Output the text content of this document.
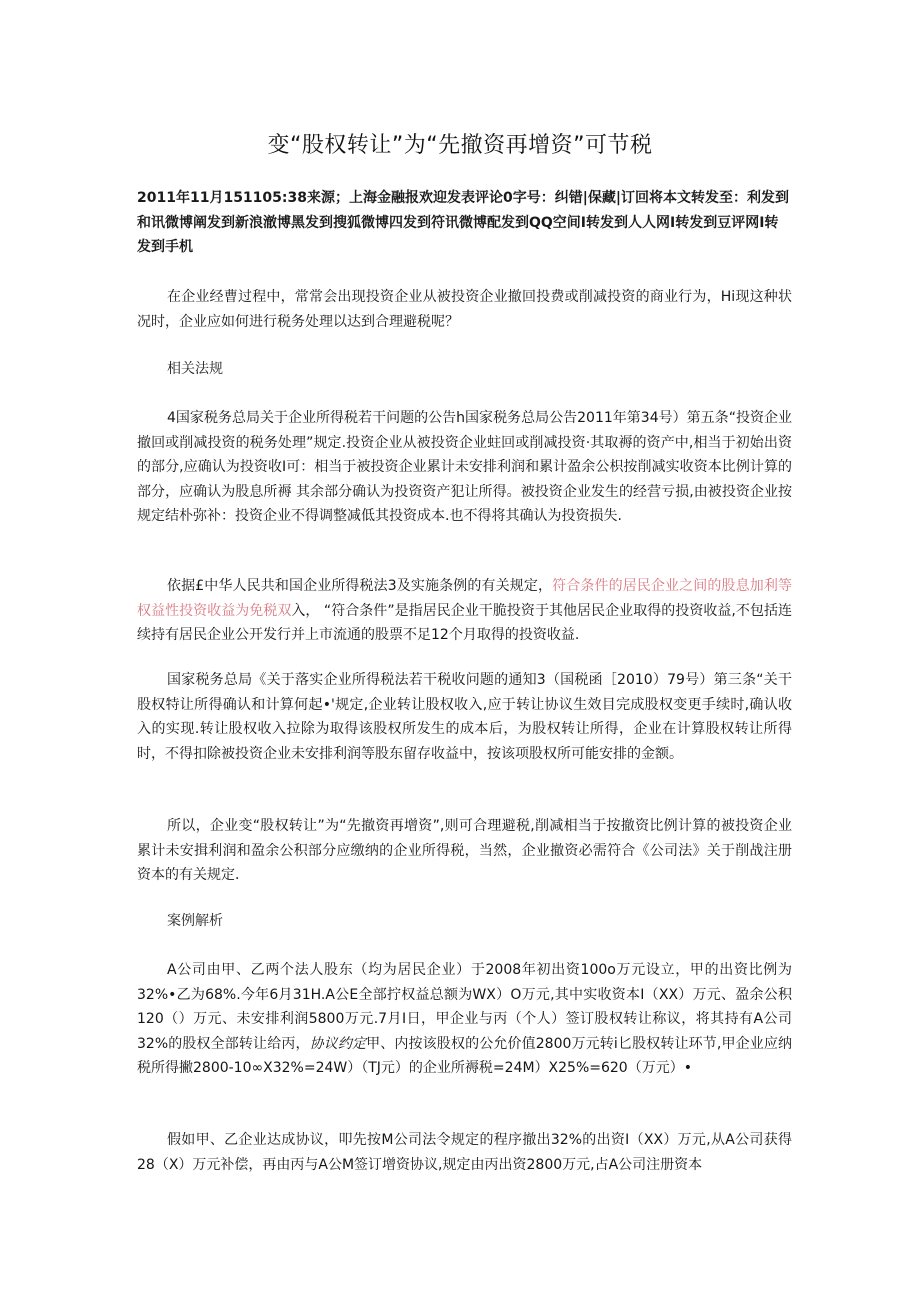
变“股权转让”为“先撤资再增资”可节税
2011年11月151105:38来源；上海金融报欢迎发表评论0字号：纠错|保藏|订回将本文转发至：利发到和讯微博阐发到新浪澈博黑发到搜狐微博四发到符讯微博配发到QQ空间I转发到人人网I转发到豆评网I转发到手机

在企业经曹过程中，常常会出现投资企业从被投资企业撤回投费或削减投资的商业行为，Hi现这种状况时，企业应如何进行税务处理以达到合理避税呢？

相关法规

4国家税务总局关于企业所得税若干问题的公告h国家税务总局公告2011年第34号）第五条“投资企业撤回或削减投资的税务处理”规定.投资企业从被投资企业蛀回或削减投资·其取褥的资产中,相当于初始出资的部分,应确认为投资收I可：相当于被投资企业累计未安排利润和累计盈余公枳按削减实收资本比例计算的部分，应确认为股息所褥 其余部分确认为投资资产犯让所得。被投资企业发生的经营亏损,由被投资企业按规定结朴弥补：投资企业不得调整减低其投资成本.也不得将其确认为投资损失.

依据£中华人民共和国企业所得税法3及实施条例的有关规定，符合条件的居民企业之间的股息加利等权益性投资收益为免税双入， “符合条件”是指居民企业干脆投资于其他居民企业取得的投资收益,不包括连续持有居民企业公开发行并上市流通的股票不足12个月取得的投资收益.

国家税务总局《关于落实企业所得税法若干税收问题的通知3（国税函［2010）79号）第三条“关干股权特让所得确认和计算何起•'规定,企业转让股权收入,应于转让协议生效目完成股权变更手续时,确认收入的实现.转让股权收入拉除为取得该股权所发生的成本后，为股权转让所得，企业在计算股权转让所得时，不得扣除被投资企业未安排利润等股东留存收益中，按该项股权所可能安排的金额。

所以，企业变“股权转让”为“先撤资再增资”,则可合理避税,削减相当于按撤资比例计算的被投资企业累计未安揖利润和盈余公积部分应缴纳的企业所得税，当然，企业撤资必需符合《公司法》关于削战注册资本的有关规定.

案例解析

A公司由甲、乙两个法人股东（均为居民企业）于2008年初出资100o万元设立，甲的出资比例为32%•乙为68%.今年6月31H.A公E全部拧权益总额为WX）O万元,其中实收资本I（XX）万元、盈余公积120（）万元、未安排利润5800万元.7月I日，甲企业与丙（个人）签订股权转让称议，将其持有A公司32%的股权全部转让给丙，协议约定甲、内按该股权的公允价值2800万元转i匕股权转让环节,甲企业应纳税所得撇2800-10∞X32%=24W）（TJ元）的企业所褥税=24M）X25%=620（万元）•

假如甲、乙企业达成协议，叩先按M公司法令规定的程序撤出32%的出资I（XX）万元,从A公司获得28（X）万元补偿，再由丙与A公M签订增资协议,规定由丙出资2800万元,占A公司注册资本
